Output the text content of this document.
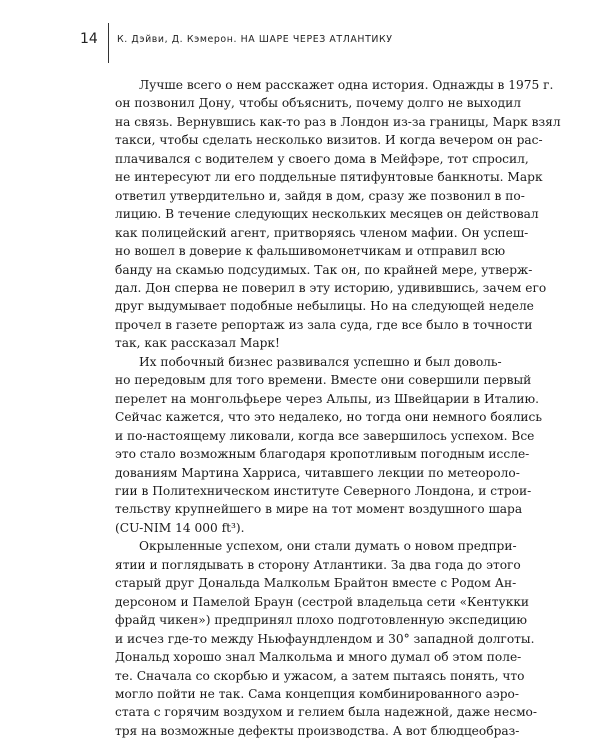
14	К. Дэйви, Д. Кэмерон. НА ШАРЕ ЧЕРЕЗ АТЛАНТИКУ
Лучше всего о нем расскажет одна история. Однажды в 1975 г.
он позвонил Дону, чтобы объяснить, почему долго не выходил
на связь. Вернувшись как-то раз в Лондон из-за границы, Марк взял
такси, чтобы сделать несколько визитов. И когда вечером он рас-
плачивался с водителем у своего дома в Мейфэре, тот спросил,
не интересуют ли его поддельные пятифунтовые банкноты. Марк
ответил утвердительно и, зайдя в дом, сразу же позвонил в по-
лицию. В течение следующих нескольких месяцев он действовал
как полицейский агент, притворяясь членом мафии. Он успеш-
но вошел в доверие к фальшивомонетчикам и отправил всю
банду на скамью подсудимых. Так он, по крайней мере, утверж-
дал. Дон сперва не поверил в эту историю, удивившись, зачем его
друг выдумывает подобные небылицы. Но на следующей неделе
прочел в газете репортаж из зала суда, где все было в точности
так, как рассказал Марк!
Их побочный бизнес развивался успешно и был доволь-
но передовым для того времени. Вместе они совершили первый
перелет на монгольфьере через Альпы, из Швейцарии в Италию.
Сейчас кажется, что это недалеко, но тогда они немного боялись
и по-настоящему ликовали, когда все завершилось успехом. Все
это стало возможным благодаря кропотливым погодным иссле-
дованиям Мартина Харриса, читавшего лекции по метеороло-
гии в Политехническом институте Северного Лондона, и строи-
тельству крупнейшего в мире на тот момент воздушного шара
(CU-NIM 14 000 ft³).
Окрыленные успехом, они стали думать о новом предпри-
ятии и поглядывать в сторону Атлантики. За два года до этого
старый друг Дональда Малкольм Брайтон вместе с Родом Ан-
дерсоном и Памелой Браун (сестрой владельца сети «Кентукки
фрайд чикен») предпринял плохо подготовленную экспедицию
и исчез где-то между Ньюфаундлендом и 30° западной долготы.
Дональд хорошо знал Малкольма и много думал об этом поле-
те. Сначала со скорбью и ужасом, а затем пытаясь понять, что
могло пойти не так. Сама концепция комбинированного аэро-
стата с горячим воздухом и гелием была надежной, даже несмо-
тря на возможные дефекты производства. А вот блюдцеобраз-
